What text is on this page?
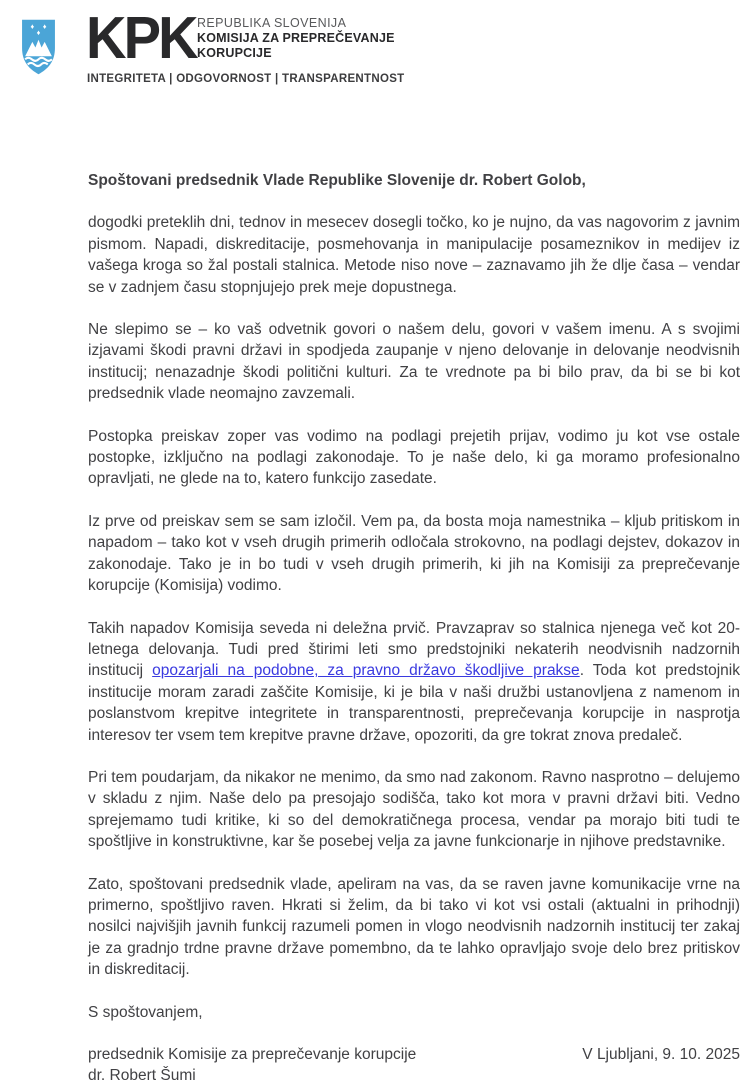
KPK REPUBLIKA SLOVENIJA
KOMISIJA ZA PREPREČEVANJE
KORUPCIJE
INTEGRITETA | ODGOVORNOST | TRANSPARENTNOST

Spoštovani predsednik Vlade Republike Slovenije dr. Robert Golob,

dogodki preteklih dni, tednov in mesecev dosegli točko, ko je nujno, da vas nagovorim z javnim pismom. Napadi, diskreditacije, posmehovanja in manipulacije posameznikov in medijev iz vašega kroga so žal postali stalnica. Metode niso nove – zaznavamo jih že dlje časa – vendar se v zadnjem času stopnjujejo prek meje dopustnega.

Ne slepimo se – ko vaš odvetnik govori o našem delu, govori v vašem imenu. A s svojimi izjavami škodi pravni državi in spodjeda zaupanje v njeno delovanje in delovanje neodvisnih institucij; nenazadnje škodi politični kulturi. Za te vrednote pa bi bilo prav, da bi se bi kot predsednik vlade neomajno zavzemali.

Postopka preiskav zoper vas vodimo na podlagi prejetih prijav, vodimo ju kot vse ostale postopke, izključno na podlagi zakonodaje. To je naše delo, ki ga moramo profesionalno opravljati, ne glede na to, katero funkcijo zasedate.

Iz prve od preiskav sem se sam izločil. Vem pa, da bosta moja namestnika – kljub pritiskom in napadom – tako kot v vseh drugih primerih odločala strokovno, na podlagi dejstev, dokazov in zakonodaje. Tako je in bo tudi v vseh drugih primerih, ki jih na Komisiji za preprečevanje korupcije (Komisija) vodimo.

Takih napadov Komisija seveda ni deležna prvič. Pravzaprav so stalnica njenega več kot 20-letnega delovanja. Tudi pred štirimi leti smo predstojniki nekaterih neodvisnih nadzornih institucij opozarjali na podobne, za pravno državo škodljive prakse. Toda kot predstojnik institucije moram zaradi zaščite Komisije, ki je bila v naši družbi ustanovljena z namenom in poslanstvom krepitve integritete in transparentnosti, preprečevanja korupcije in nasprotja interesov ter vsem tem krepitve pravne države, opozoriti, da gre tokrat znova predaleč.

Pri tem poudarjam, da nikakor ne menimo, da smo nad zakonom. Ravno nasprotno – delujemo v skladu z njim. Naše delo pa presojajo sodišča, tako kot mora v pravni državi biti. Vedno sprejemamo tudi kritike, ki so del demokratičnega procesa, vendar pa morajo biti tudi te spoštljive in konstruktivne, kar še posebej velja za javne funkcionarje in njihove predstavnike.

Zato, spoštovani predsednik vlade, apeliram na vas, da se raven javne komunikacije vrne na primerno, spoštljivo raven. Hkrati si želim, da bi tako vi kot vsi ostali (aktualni in prihodnji) nosilci najvišjih javnih funkcij razumeli pomen in vlogo neodvisnih nadzornih institucij ter zakaj je za gradnjo trdne pravne države pomembno, da te lahko opravljajo svoje delo brez pritiskov in diskreditacij.

S spoštovanjem,

predsednik Komisije za preprečevanje korupcije
dr. Robert Šumi
V Ljubljani, 9. 10. 2025
